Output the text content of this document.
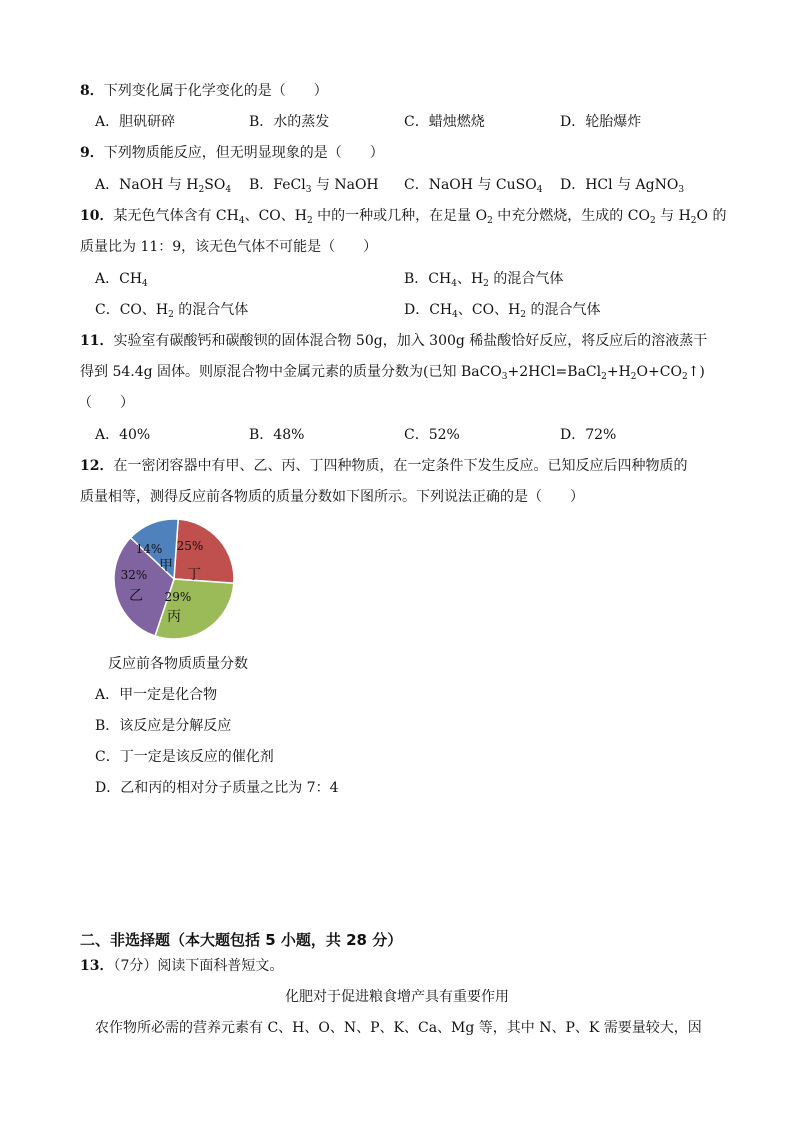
8．下列变化属于化学变化的是（　　）
A．胆矾研碎	B．水的蒸发	C．蜡烛燃烧	D．轮胎爆炸
9．下列物质能反应，但无明显现象的是（　　）
A．NaOH 与 $H_2SO_4$ B．FeCl$_3$ 与 NaOH C．NaOH 与 CuSO$_4$ D．HCl 与 AgNO$_3$
10．某无色气体含有 $CH_4$、CO、$H_2$ 中的一种或几种，在足量 $O_2$ 中充分燃烧，生成的 $CO_2$ 与 $H_2O$ 的
质量比为 11：9，该无色气体不可能是（　　）
A．$CH_4$	B．$CH_4$、$H_2$ 的混合气体
C．CO、$H_2$ 的混合气体	D．$CH_4$、CO、$H_2$ 的混合气体
11．实验室有碳酸钙和碳酸钡的固体混合物 50g，加入 300g 稀盐酸恰好反应，将反应后的溶液蒸干
得到 54.4g 固体。则原混合物中金属元素的质量分数为(已知 $BaCO_3+2HCl=BaCl_2+H_2O+CO_2↑$)
（　　）
A．40%	B．48%	C．52%	D．72%
12．在一密闭容器中有甲、乙、丙、丁四种物质，在一定条件下发生反应。已知反应后四种物质的
质量相等，测得反应前各物质的质量分数如下图所示。下列说法正确的是（　　）
25%
丁
29%
丙
32%
乙
14%
甲
反应前各物质质量分数
A．甲一定是化合物
B．该反应是分解反应
C．丁一定是该反应的催化剂
D．乙和丙的相对分子质量之比为 7：4
二、非选择题（本大题包括 5 小题，共 28 分）
13．（7分）阅读下面科普短文。
化肥对于促进粮食增产具有重要作用
农作物所必需的营养元素有 C、H、O、N、P、K、Ca、Mg 等，其中 N、P、K 需要量较大，因
